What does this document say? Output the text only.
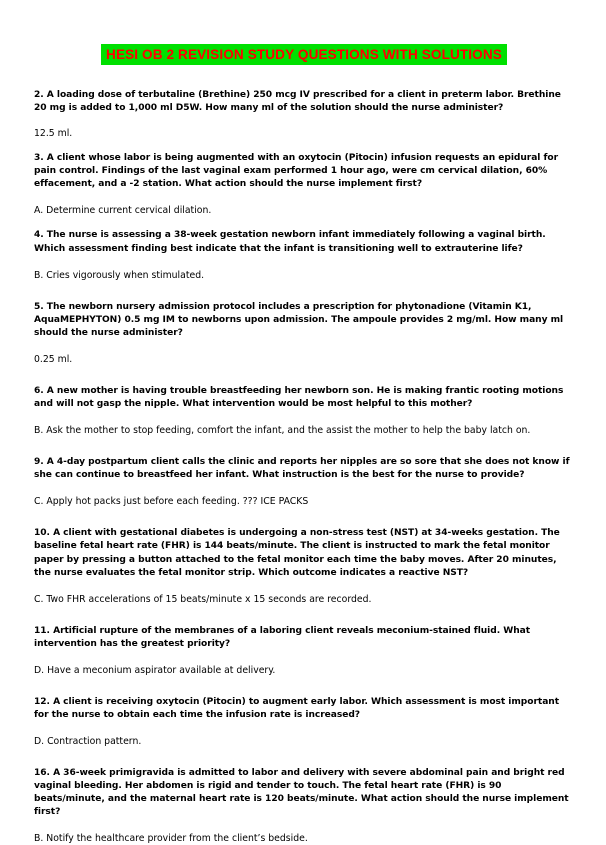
HESI OB 2 REVISION STUDY QUESTIONS WITH SOLUTIONS

2. A loading dose of terbutaline (Brethine) 250 mcg IV prescribed for a client in preterm labor. Brethine 20 mg is added to 1,000 ml D5W. How many ml of the solution should the nurse administer?

12.5 ml.

3. A client whose labor is being augmented with an oxytocin (Pitocin) infusion requests an epidural for pain control. Findings of the last vaginal exam performed 1 hour ago, were cm cervical dilation, 60% effacement, and a -2 station. What action should the nurse implement first?

A. Determine current cervical dilation.

4. The nurse is assessing a 38-week gestation newborn infant immediately following a vaginal birth. Which assessment finding best indicate that the infant is transitioning well to extrauterine life?

B. Cries vigorously when stimulated.

5. The newborn nursery admission protocol includes a prescription for phytonadione (Vitamin K1, AquaMEPHYTON) 0.5 mg IM to newborns upon admission. The ampoule provides 2 mg/ml. How many ml should the nurse administer?

0.25 ml.

6. A new mother is having trouble breastfeeding her newborn son. He is making frantic rooting motions and will not gasp the nipple. What intervention would be most helpful to this mother?

B. Ask the mother to stop feeding, comfort the infant, and the assist the mother to help the baby latch on.

9. A 4-day postpartum client calls the clinic and reports her nipples are so sore that she does not know if she can continue to breastfeed her infant. What instruction is the best for the nurse to provide?

C. Apply hot packs just before each feeding. ??? ICE PACKS

10. A client with gestational diabetes is undergoing a non-stress test (NST) at 34-weeks gestation. The baseline fetal heart rate (FHR) is 144 beats/minute. The client is instructed to mark the fetal monitor paper by pressing a button attached to the fetal monitor each time the baby moves. After 20 minutes, the nurse evaluates the fetal monitor strip. Which outcome indicates a reactive NST?

C. Two FHR accelerations of 15 beats/minute x 15 seconds are recorded.

11. Artificial rupture of the membranes of a laboring client reveals meconium-stained fluid. What intervention has the greatest priority?

D. Have a meconium aspirator available at delivery.

12. A client is receiving oxytocin (Pitocin) to augment early labor. Which assessment is most important for the nurse to obtain each time the infusion rate is increased?

D. Contraction pattern.

16. A 36-week primigravida is admitted to labor and delivery with severe abdominal pain and bright red vaginal bleeding. Her abdomen is rigid and tender to touch. The fetal heart rate (FHR) is 90 beats/minute, and the maternal heart rate is 120 beats/minute. What action should the nurse implement first?

B. Notify the healthcare provider from the client’s bedside.
